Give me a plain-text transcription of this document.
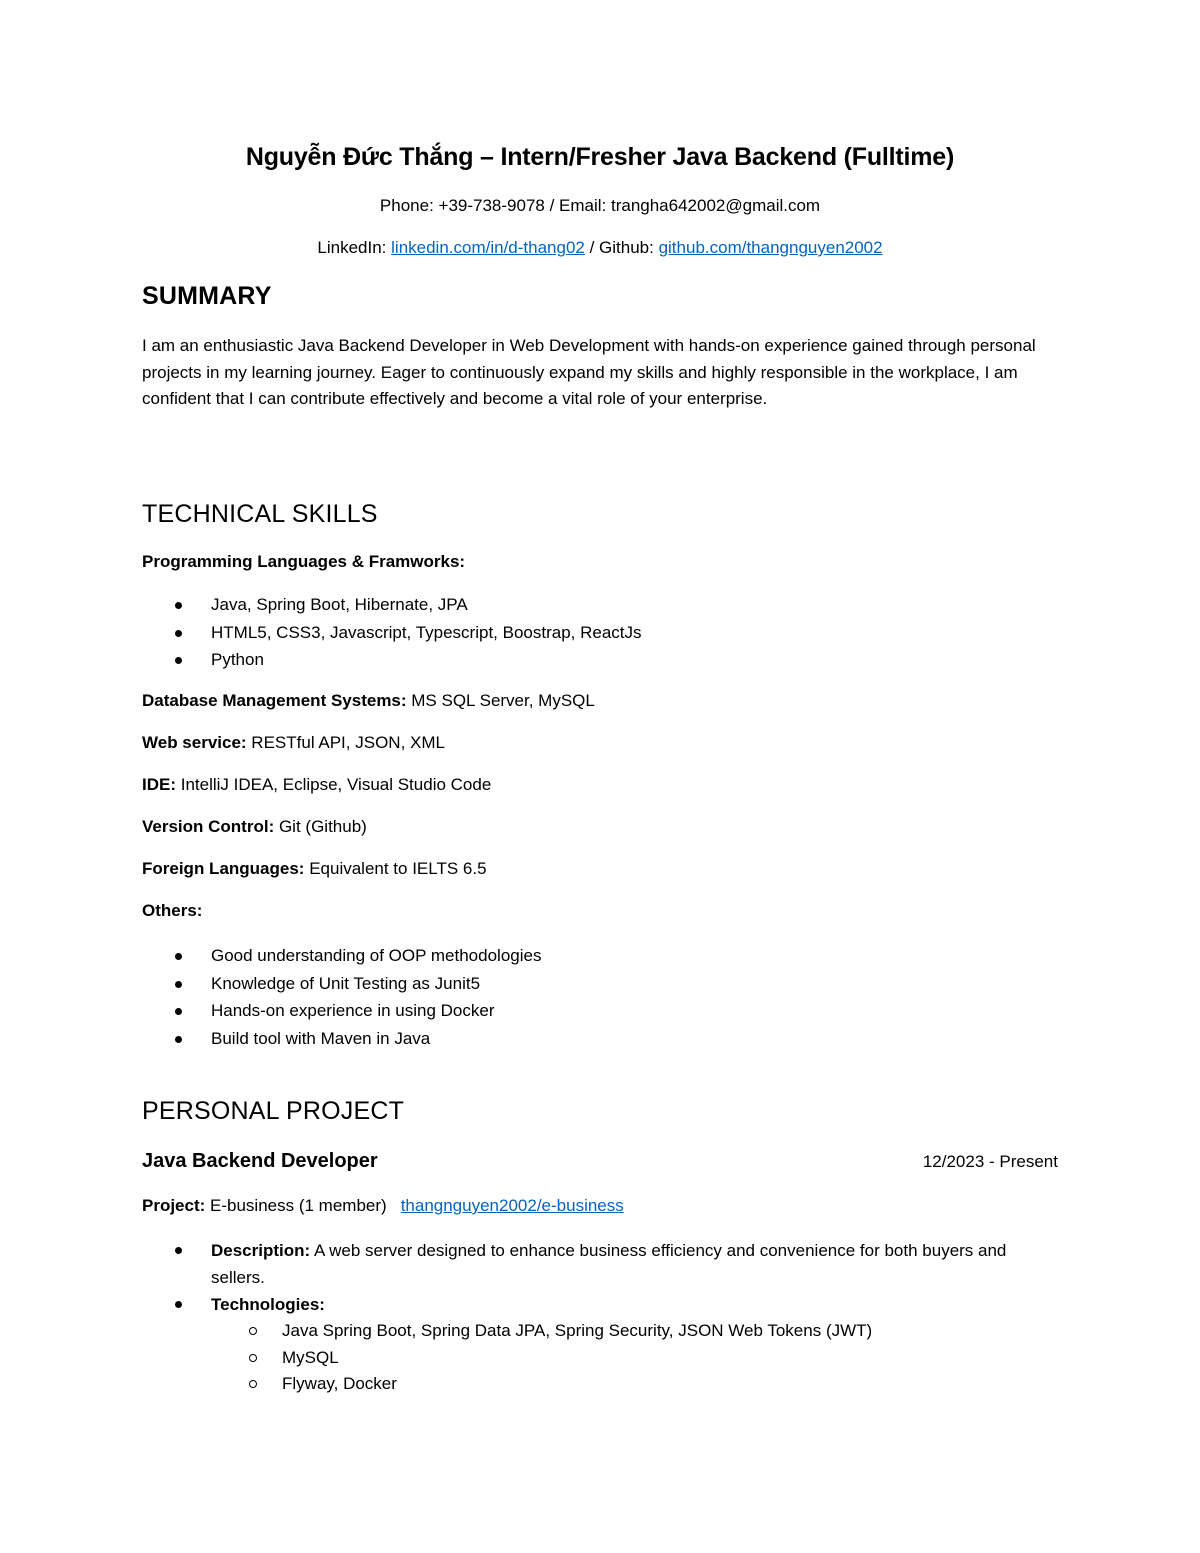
Nguyễn Đức Thắng – Intern/Fresher Java Backend (Fulltime)
Phone: +39-738-9078 / Email: trangha642002@gmail.com
LinkedIn: linkedin.com/in/d-thang02 / Github: github.com/thangnguyen2002
SUMMARY
I am an enthusiastic Java Backend Developer in Web Development with hands-on experience gained through personal projects in my learning journey. Eager to continuously expand my skills and highly responsible in the workplace, I am confident that I can contribute effectively and become a vital role of your enterprise.
TECHNICAL SKILLS
Programming Languages & Framworks:
Java, Spring Boot, Hibernate, JPA
HTML5, CSS3, Javascript, Typescript, Boostrap, ReactJs
Python
Database Management Systems: MS SQL Server, MySQL
Web service: RESTful API, JSON, XML
IDE: IntelliJ IDEA, Eclipse, Visual Studio Code
Version Control: Git (Github)
Foreign Languages: Equivalent to IELTS 6.5
Others:
Good understanding of OOP methodologies
Knowledge of Unit Testing as Junit5
Hands-on experience in using Docker
Build tool with Maven in Java
PERSONAL PROJECT
Java Backend Developer	12/2023 - Present
Project: E-business (1 member) thangnguyen2002/e-business
Description: A web server designed to enhance business efficiency and convenience for both buyers and sellers.
Technologies:
Java Spring Boot, Spring Data JPA, Spring Security, JSON Web Tokens (JWT)
MySQL
Flyway, Docker
